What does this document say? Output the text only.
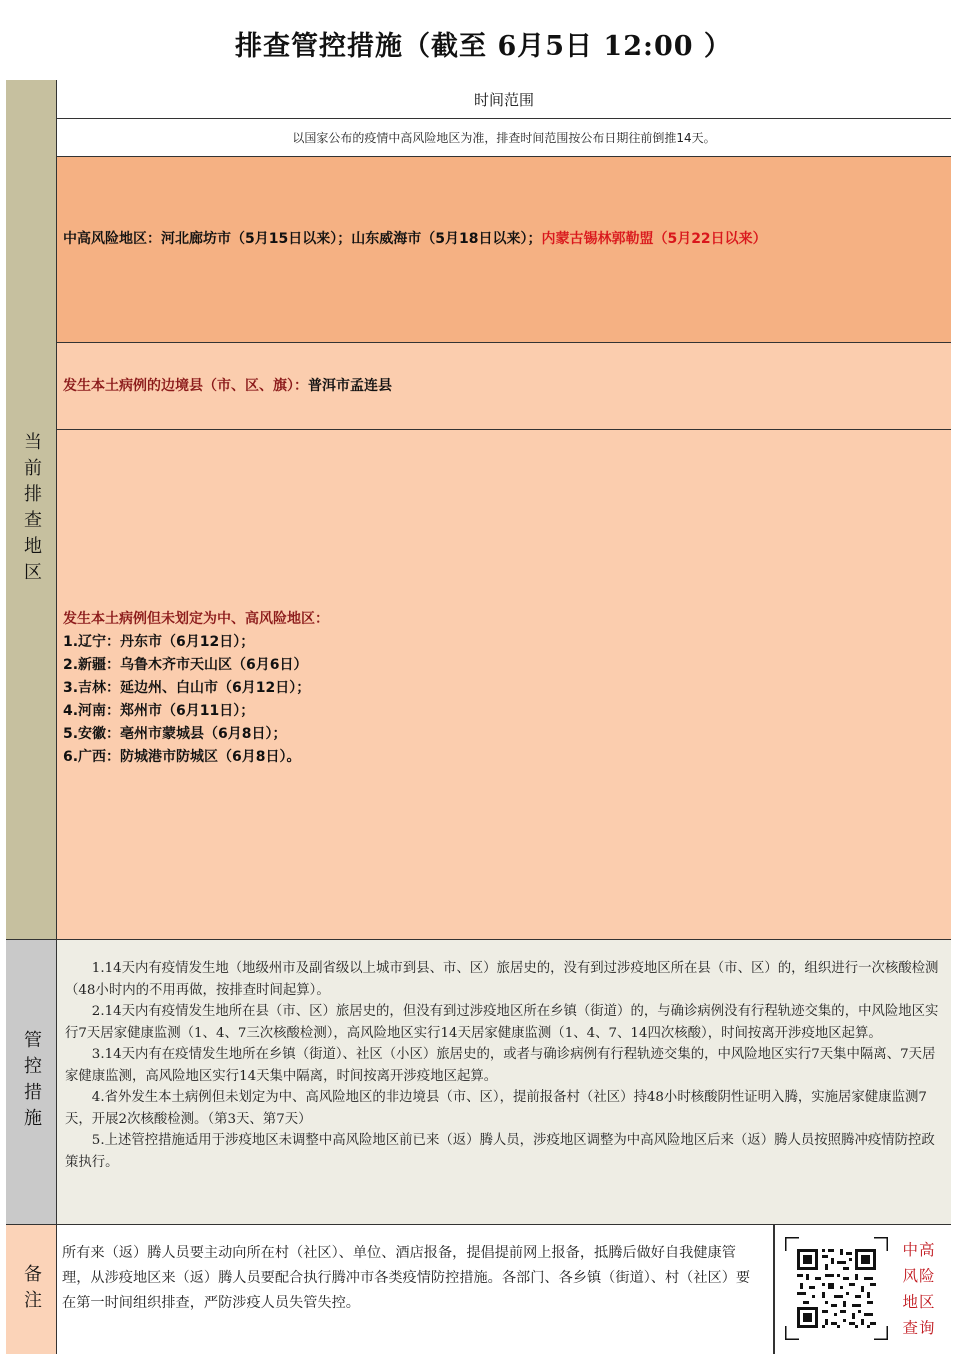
排查管控措施（截至 6月5日 12:00 ）
当前排查地区
管控措施
备注
时间范围
以国家公布的疫情中高风险地区为准，排查时间范围按公布日期往前倒推14天。
中高风险地区：河北廊坊市（5月15日以来）；山东威海市（5月18日以来）；内蒙古锡林郭勒盟（5月22日以来）
发生本土病例的边境县（市、区、旗）：普洱市孟连县
发生本土病例但未划定为中、高风险地区：
1.辽宁：丹东市（6月12日）；
2.新疆：乌鲁木齐市天山区（6月6日）
3.吉林：延边州、白山市（6月12日）；
4.河南：郑州市（6月11日）；
5.安徽：亳州市蒙城县（6月8日）；
6.广西：防城港市防城区（6月8日）。

1.14天内有疫情发生地（地级州市及副省级以上城市到县、市、区）旅居史的，没有到过涉疫地区所在县（市、区）的，组织进行一次核酸检测（48小时内的不用再做，按排查时间起算）。

2.14天内有疫情发生地所在县（市、区）旅居史的，但没有到过涉疫地区所在乡镇（街道）的，与确诊病例没有行程轨迹交集的，中风险地区实行7天居家健康监测（1、4、7三次核酸检测），高风险地区实行14天居家健康监测（1、4、7、14四次核酸），时间按离开涉疫地区起算。

3.14天内有在疫情发生地所在乡镇（街道）、社区（小区）旅居史的，或者与确诊病例有行程轨迹交集的，中风险地区实行7天集中隔离、7天居家健康监测，高风险地区实行14天集中隔离，时间按离开涉疫地区起算。

4.省外发生本土病例但未划定为中、高风险地区的非边境县（市、区），提前报备村（社区）持48小时核酸阴性证明入腾，实施居家健康监测7天，开展2次核酸检测。（第3天、第7天）

5.上述管控措施适用于涉疫地区未调整中高风险地区前已来（返）腾人员，涉疫地区调整为中高风险地区后来（返）腾人员按照腾冲疫情防控政策执行。

所有来（返）腾人员要主动向所在村（社区）、单位、酒店报备，提倡提前网上报备，抵腾后做好自我健康管理，从涉疫地区来（返）腾人员要配合执行腾冲市各类疫情防控措施。各部门、各乡镇（街道）、村（社区）要在第一时间组织排查，严防涉疫人员失管失控。
中高风险地区查询
